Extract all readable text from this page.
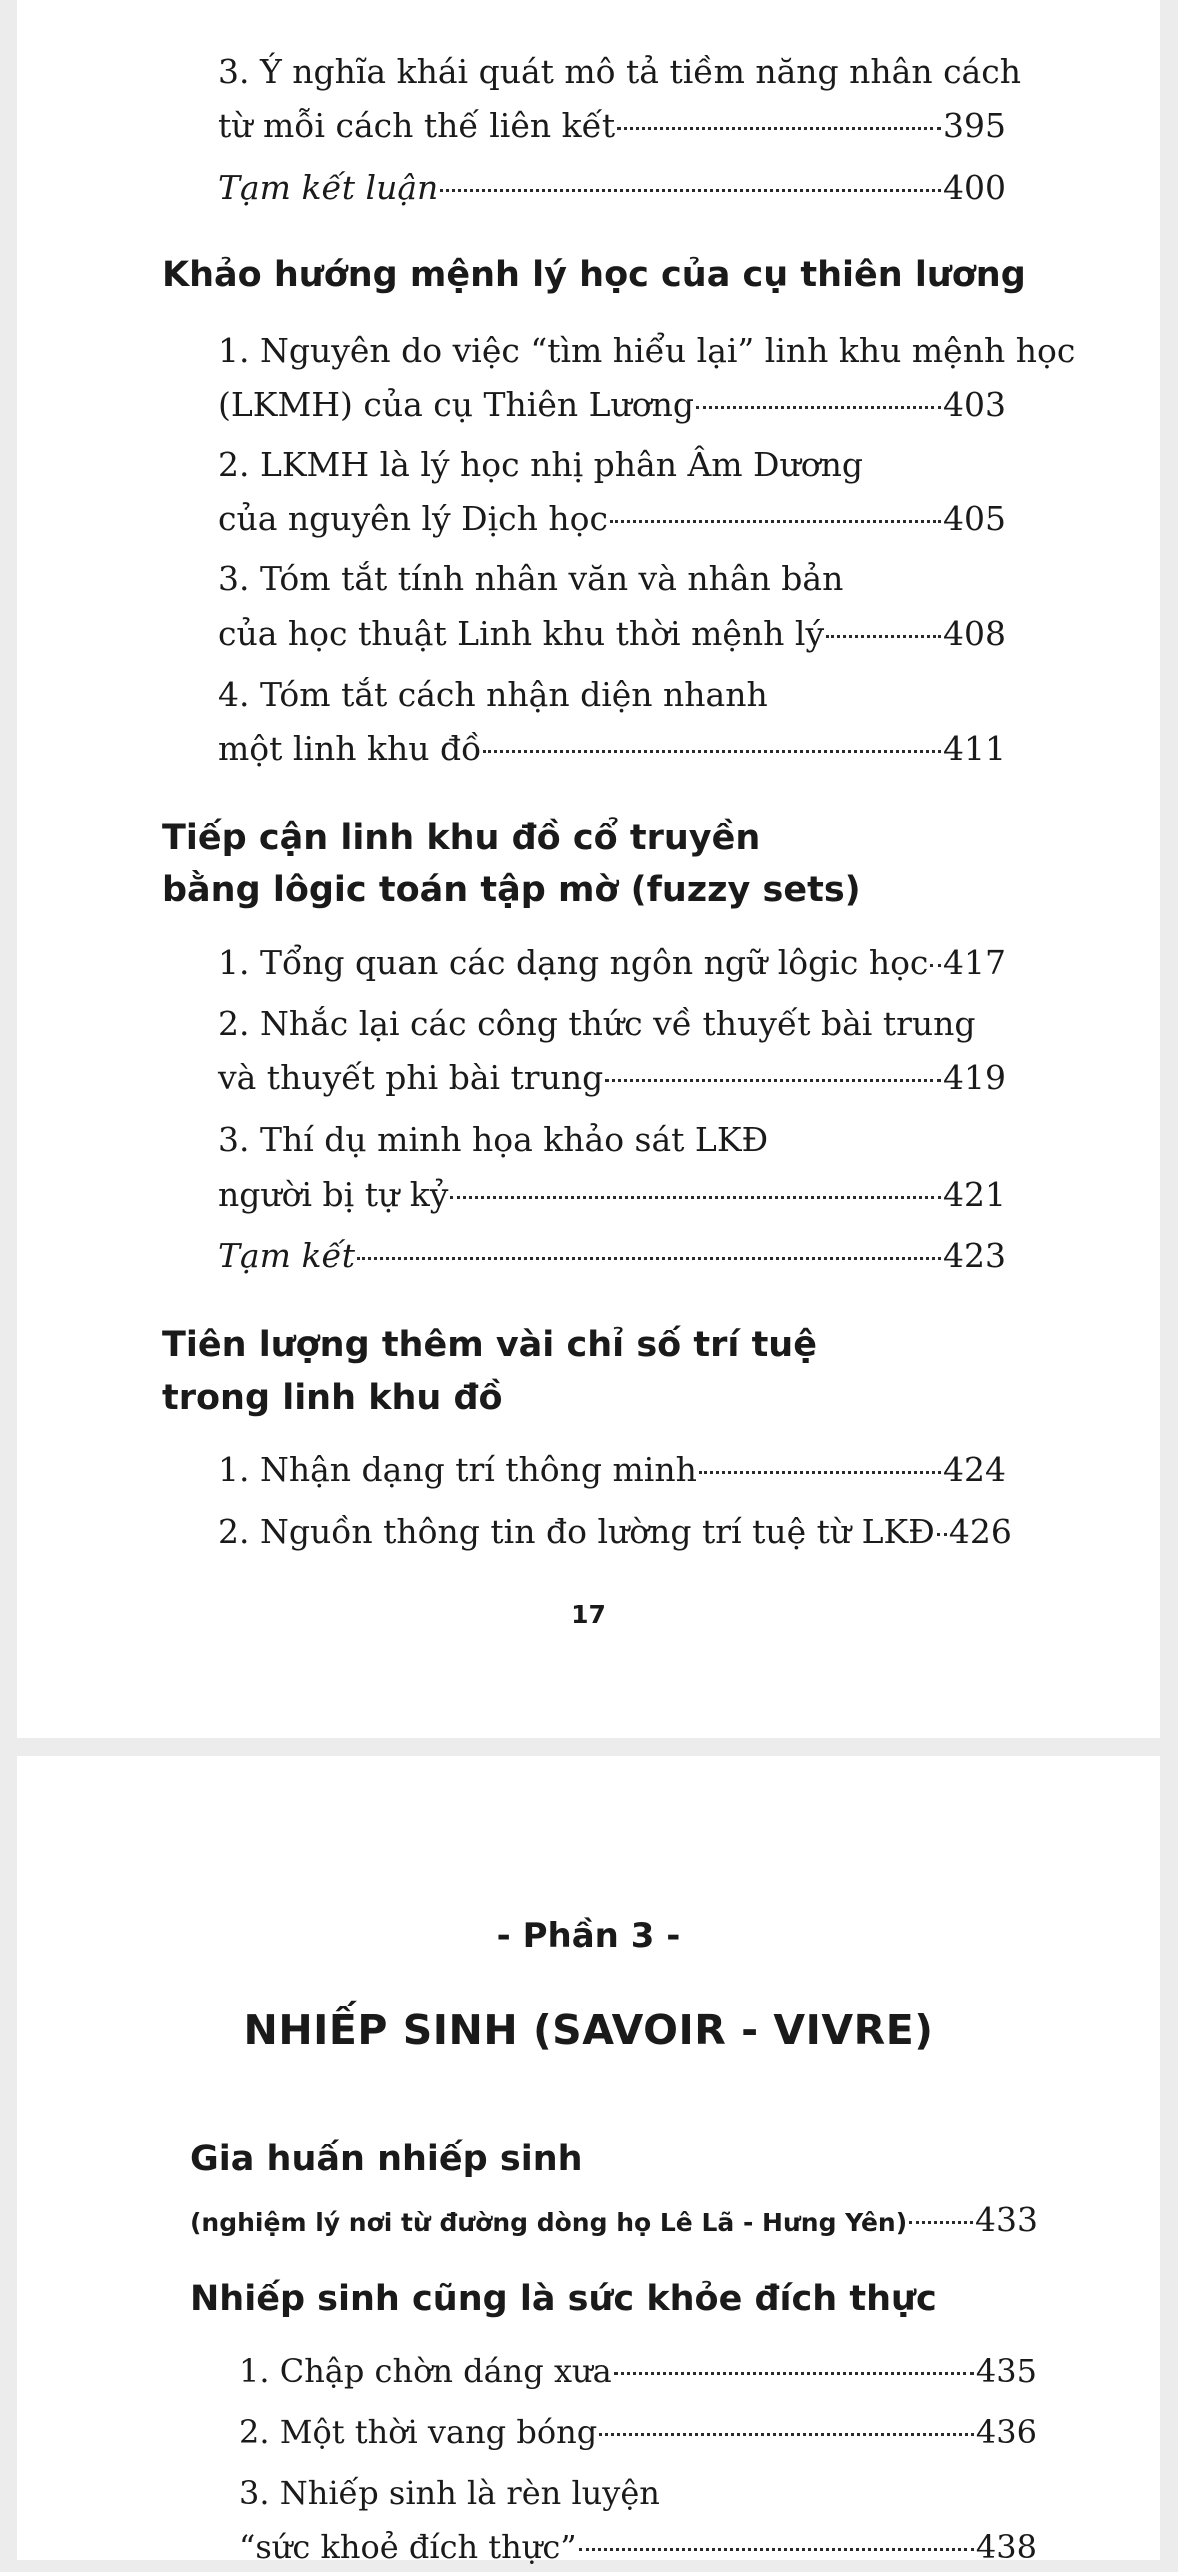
3. Ý nghĩa khái quát mô tả tiềm năng nhân cách
từ mỗi cách thế liên kết	395
Tạm kết luận	400
Khảo hướng mệnh lý học của cụ thiên lương
1. Nguyên do việc “tìm hiểu lại” linh khu mệnh học
(LKMH) của cụ Thiên Lương	403
2. LKMH là lý học nhị phân Âm Dương
của nguyên lý Dịch học	405
3. Tóm tắt tính nhân văn và nhân bản
của học thuật Linh khu thời mệnh lý	408
4. Tóm tắt cách nhận diện nhanh
một linh khu đồ	411
Tiếp cận linh khu đồ cổ truyền
bằng lôgic toán tập mờ (fuzzy sets)
1. Tổng quan các dạng ngôn ngữ lôgic học 417
2. Nhắc lại các công thức về thuyết bài trung
và thuyết phi bài trung	419
3. Thí dụ minh họa khảo sát LKĐ
người bị tự kỷ	421
Tạm kết	423
Tiên lượng thêm vài chỉ số trí tuệ
trong linh khu đồ
1. Nhận dạng trí thông minh	424
2. Nguồn thông tin đo lường trí tuệ từ LKĐ 426
17
- Phần 3 -
NHIẾP SINH (SAVOIR - VIVRE)
Gia huấn nhiếp sinh
(nghiệm lý nơi từ đường dòng họ Lê Lã - Hưng Yên) 433
Nhiếp sinh cũng là sức khỏe đích thực
1. Chập chờn dáng xưa	435
2. Một thời vang bóng	436
3. Nhiếp sinh là rèn luyện
“sức khoẻ đích thực”	438
